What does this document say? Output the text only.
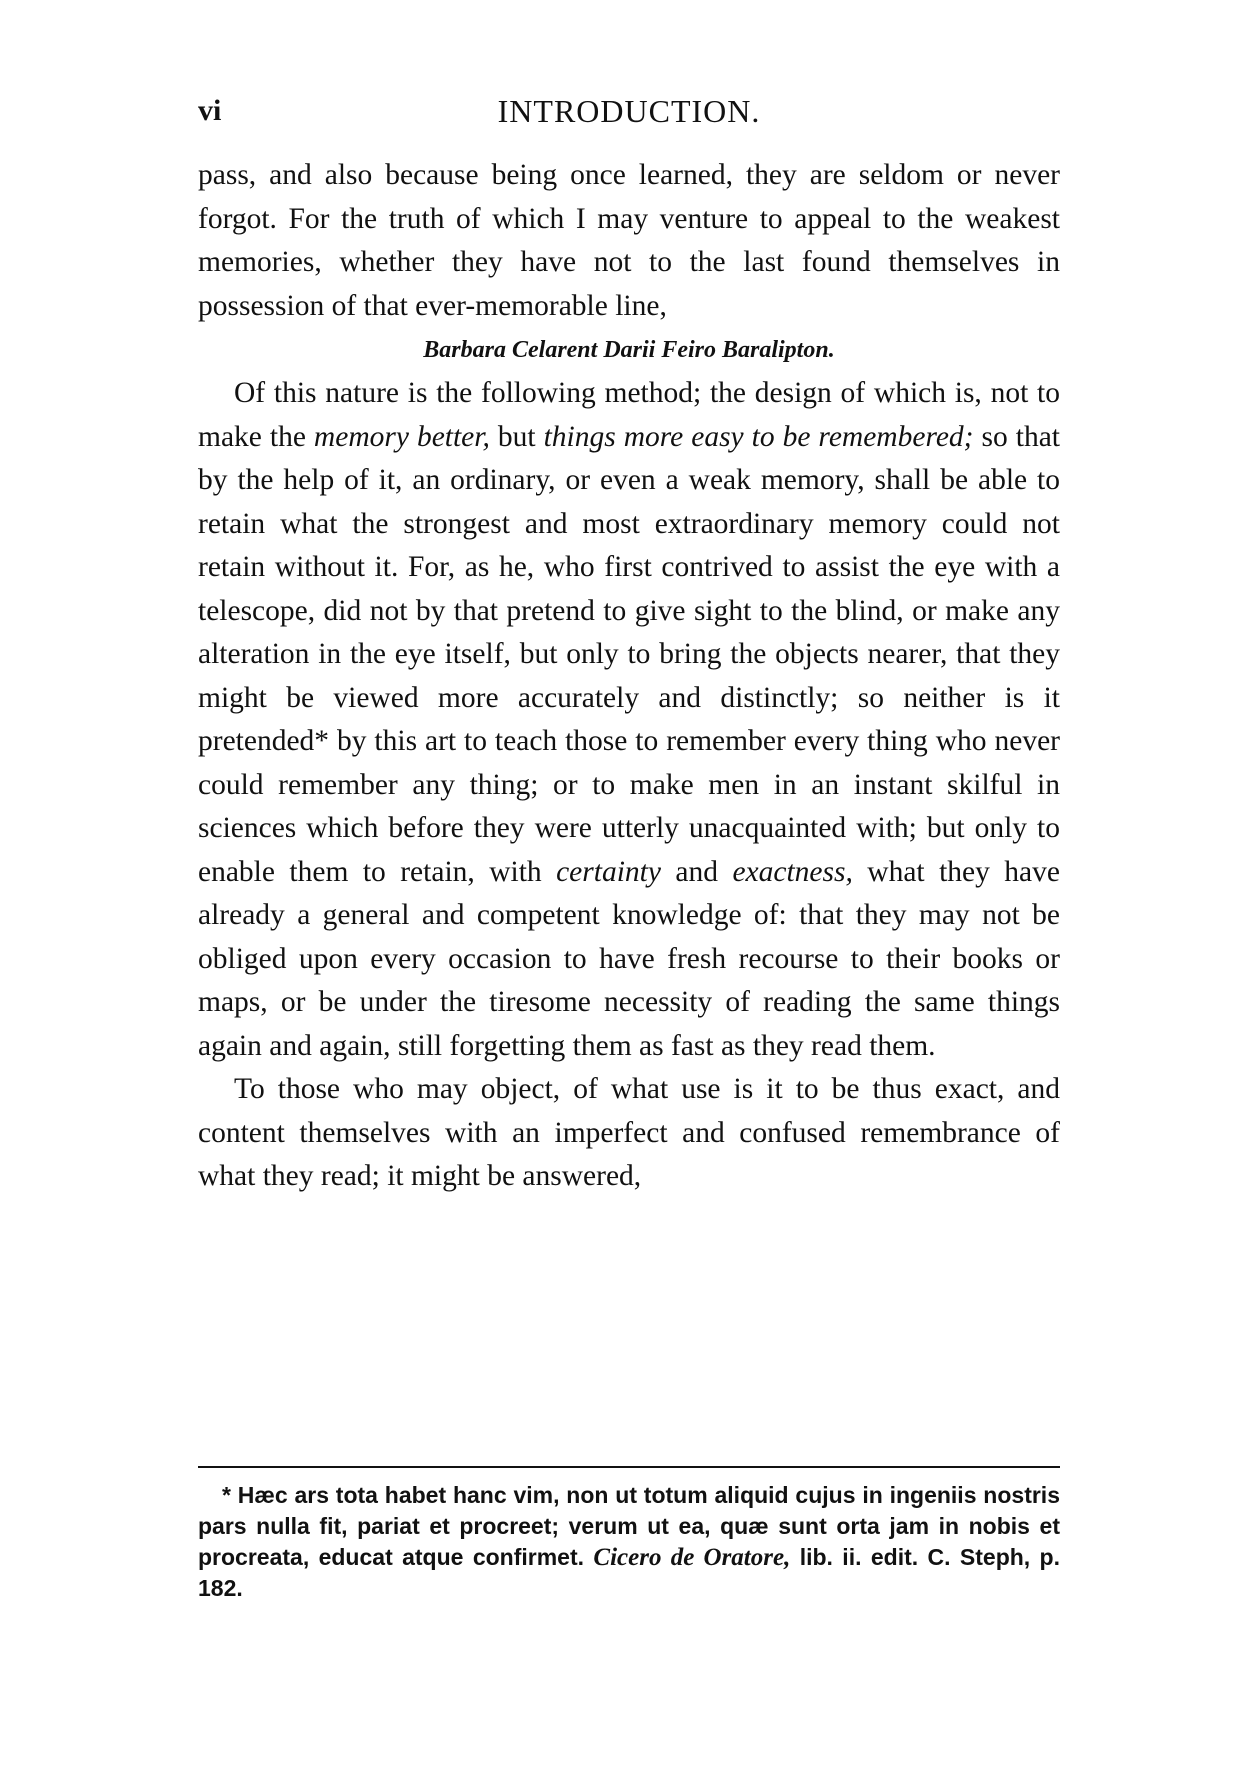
vi	INTRODUCTION.

pass, and also because being once learned, they are seldom or never forgot. For the truth of which I may venture to appeal to the weakest memories, whether they have not to the last found themselves in possession of that ever-memorable line,

Barbara Celarent Darii Feiro Baralipton.

Of this nature is the following method; the design of which is, not to make the memory better, but things more easy to be remembered; so that by the help of it, an ordinary, or even a weak memory, shall be able to retain what the strongest and most extraordinary memory could not retain without it. For, as he, who first contrived to assist the eye with a telescope, did not by that pretend to give sight to the blind, or make any alteration in the eye itself, but only to bring the objects nearer, that they might be viewed more accurately and distinctly; so neither is it pretended* by this art to teach those to remember every thing who never could remember any thing; or to make men in an instant skilful in sciences which before they were utterly unacquainted with; but only to enable them to retain, with certainty and exactness, what they have already a general and competent knowledge of: that they may not be obliged upon every occasion to have fresh recourse to their books or maps, or be under the tiresome necessity of reading the same things again and again, still forgetting them as fast as they read them.

To those who may object, of what use is it to be thus exact, and content themselves with an imperfect and confused remembrance of what they read; it might be answered,

* Hæc ars tota habet hanc vim, non ut totum aliquid cujus in ingeniis nostris pars nulla fit, pariat et procreet; verum ut ea, quæ sunt orta jam in nobis et procreata, educat atque confirmet. Cicero de Oratore, lib. ii. edit. C. Steph, p. 182.
